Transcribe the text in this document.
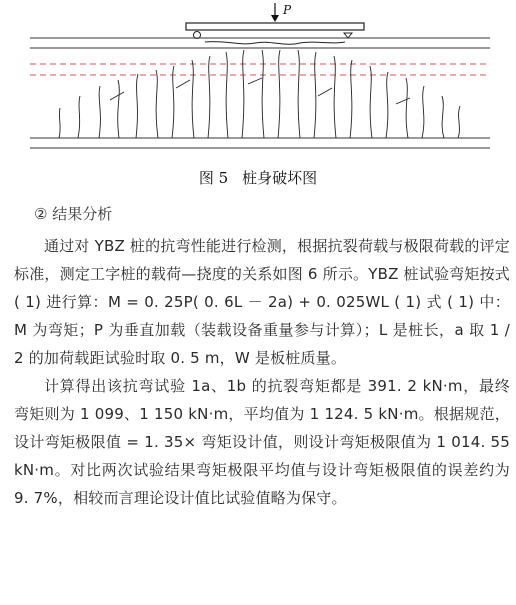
P
图 5 桩身破坏图

② 结果分析

通过对 YBZ 桩的抗弯性能进行检测，根据抗裂荷载与极限荷载的评定标准，测定工字桩的载荷—挠度的关系如图 6 所示。YBZ 桩试验弯矩按式 ( 1) 进行算：M = 0. 25P( 0. 6L － 2a) + 0. 025WL ( 1) 式 ( 1) 中：M 为弯矩；P 为垂直加载（装载设备重量参与计算）；L 是桩长，a 取 1 /2 的加荷载距试验时取 0. 5 m，W 是板桩质量。

计算得出该抗弯试验 1a、1b 的抗裂弯矩都是 391. 2 kN·m，最终弯矩则为 1 099、1 150 kN·m，平均值为 1 124. 5 kN·m。根据规范，设计弯矩极限值 = 1. 35× 弯矩设计值，则设计弯矩极限值为 1 014. 55 kN·m。对比两次试验结果弯矩极限平均值与设计弯矩极限值的误差约为 9. 7%，相较而言理论设计值比试验值略为保守。
